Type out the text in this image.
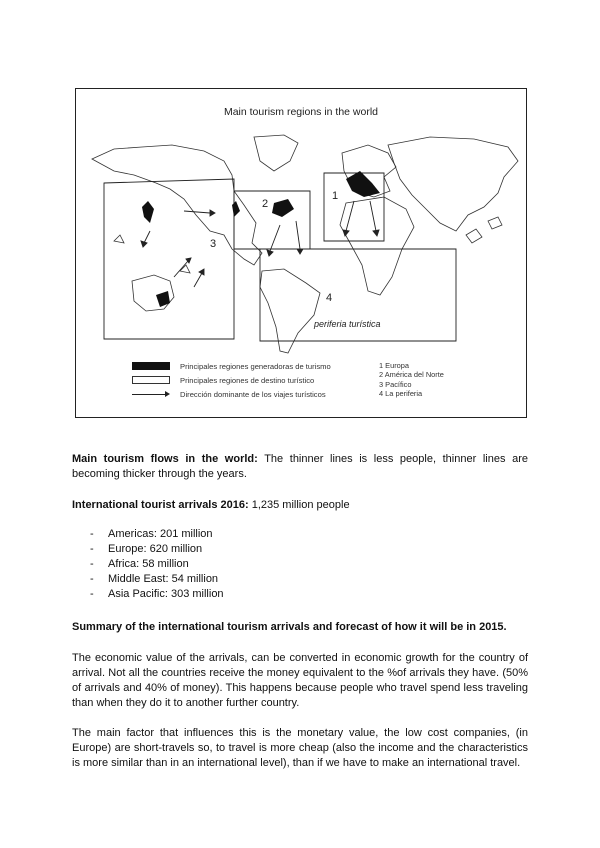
Main tourism regions in the world
1
2
3
4
periferia turística
Principales regiones generadoras de turismo
Principales regiones de destino turístico
Dirección dominante de los viajes turísticos
1 Europa
2 América del Norte
3 Pacífico
4 La periferia

Main tourism flows in the world: The thinner lines is less people, thinner lines are becoming thicker through the years.

International tourist arrivals 2016: 1,235 million people

- Americas: 201 million
- Europe: 620 million
- Africa: 58 million
- Middle East: 54 million
- Asia Pacific: 303 million

Summary of the international tourism arrivals and forecast of how it will be in 2015.

The economic value of the arrivals, can be converted in economic growth for the country of arrival. Not all the countries receive the money equivalent to the %of arrivals they have. (50% of arrivals and 40% of money). This happens because people who travel spend less traveling than when they do it to another further country.

The main factor that influences this is the monetary value, the low cost companies, (in Europe) are short-travels so, to travel is more cheap (also the income and the characteristics is more similar than in an international level), than if we have to make an international travel.
